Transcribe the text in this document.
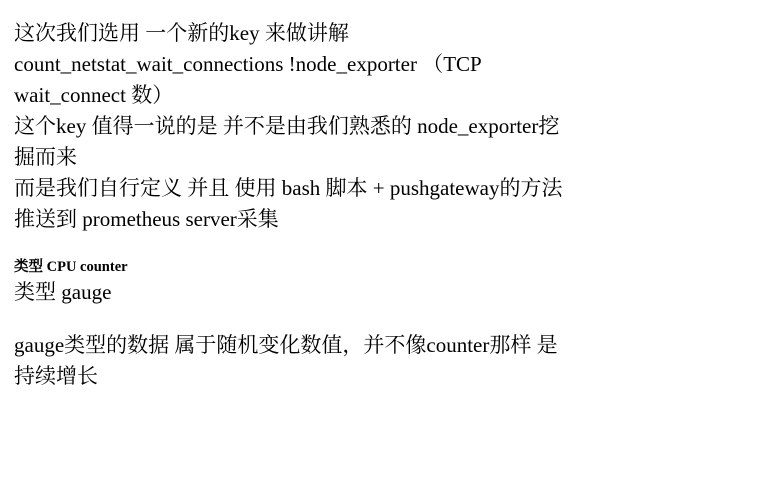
这次我们选用 一个新的key 来做讲解

count_netstat_wait_connections !node_exporter （TCP

wait_connect 数）

这个key 值得一说的是 并不是由我们熟悉的 node_exporter挖

掘而来

而是我们自行定义 并且 使用 bash 脚本 + pushgateway的方法

推送到 prometheus server采集

类型 CPU counter

类型 gauge

gauge类型的数据 属于随机变化数值，并不像counter那样 是

持续增长
